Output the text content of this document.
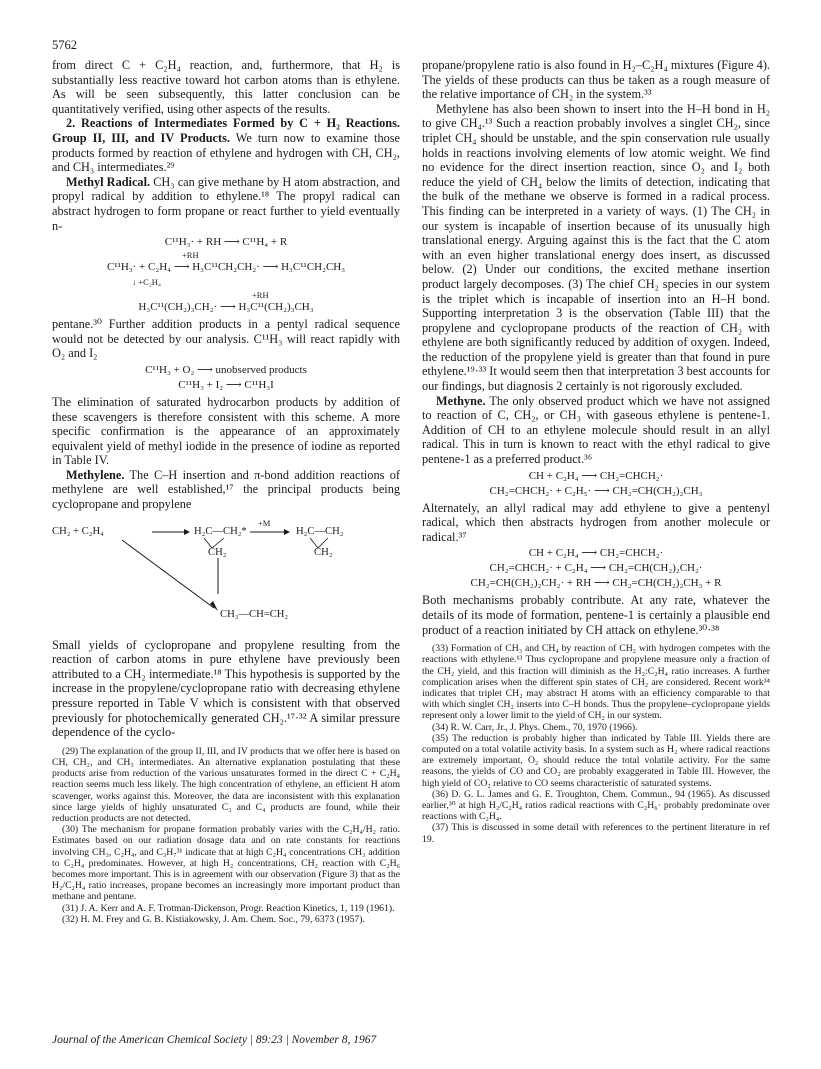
5762

from direct C + C₂H₄ reaction, and, furthermore, that H₂ is substantially less reactive toward hot carbon atoms than is ethylene. As will be seen subsequently, this latter conclusion can be quantitatively verified, using other aspects of the results.

2. Reactions of Intermediates Formed by C + H₂ Reactions. Group II, III, and IV Products. We turn now to examine those products formed by reaction of ethylene and hydrogen with CH, CH₂, and CH₃ intermediates.²⁹

Methyl Radical. CH₃ can give methane by H atom abstraction, and propyl radical by addition to ethylene.¹⁸ The propyl radical can abstract hydrogen to form propane or react further to yield eventually n-

C¹¹H₃· + RH ⟶ C¹¹H₄ + R
+RH
C¹¹H₃· + C₂H₄ ⟶ H₃C¹¹CH₂CH₂· ⟶ H₃C¹¹CH₂CH₃
↓ +C₂H₄
+RH
H₃C¹¹(CH₂)₃CH₂· ⟶ H₃C¹¹(CH₂)₃CH₃

pentane.³⁰ Further addition products in a pentyl radical sequence would not be detected by our analysis. C¹¹H₃ will react rapidly with O₂ and I₂

C¹¹H₃ + O₂ ⟶ unobserved products
C¹¹H₃ + I₂ ⟶ C¹¹H₃I

The elimination of saturated hydrocarbon products by addition of these scavengers is therefore consistent with this scheme. A more specific confirmation is the appearance of an approximately equivalent yield of methyl iodide in the presence of iodine as reported in Table IV.

Methylene. The C–H insertion and π-bond addition reactions of methylene are well established,¹⁷ the principal products being cyclopropane and propylene

CH₂ + C₂H₄
+M
H₂C—CH₂*
CH₂
H₂C—CH₂
CH₂
CH₃—CH=CH₂

Small yields of cyclopropane and propylene resulting from the reaction of carbon atoms in pure ethylene have previously been attributed to a CH₂ intermediate.¹⁸ This hypothesis is supported by the increase in the propylene/cyclopropane ratio with decreasing ethylene pressure reported in Table V which is consistent with that observed previously for photochemically generated CH₂.¹⁷·³² A similar pressure dependence of the cyclo-

(29) The explanation of the group II, III, and IV products that we offer here is based on CH, CH₂, and CH₃ intermediates. An alternative explanation postulating that these products arise from reduction of the various unsaturates formed in the direct C + C₂H₄ reaction seems much less likely. The high concentration of ethylene, an efficient H atom scavenger, works against this. Moreover, the data are inconsistent with this explanation since large yields of highly unsaturated C₃ and C₄ products are found, while their reduction products are not detected.

(30) The mechanism for propane formation probably varies with the C₂H₄/H₂ ratio. Estimates based on our radiation dosage data and on rate constants for reactions involving CH₃, C₂H₄, and C₃H₇³¹ indicate that at high C₂H₄ concentrations CH₃ addition to C₂H₄ predominates. However, at high H₂ concentrations, CH₂ reaction with C₂H₆ becomes more important. This is in agreement with our observation (Figure 3) that as the H₂/C₂H₄ ratio increases, propane becomes an increasingly more important product than methane and pentane.

(31) J. A. Kerr and A. F. Trotman-Dickenson, Progr. Reaction Kinetics, 1, 119 (1961).

(32) H. M. Frey and G. B. Kistiakowsky, J. Am. Chem. Soc., 79, 6373 (1957).

propane/propylene ratio is also found in H₂–C₂H₄ mixtures (Figure 4). The yields of these products can thus be taken as a rough measure of the relative importance of CH₂ in the system.³³

Methylene has also been shown to insert into the H–H bond in H₂ to give CH₄.¹³ Such a reaction probably involves a singlet CH₂, since triplet CH₄ should be unstable, and the spin conservation rule usually holds in reactions involving elements of low atomic weight. We find no evidence for the direct insertion reaction, since O₂ and I₂ both reduce the yield of CH₄ below the limits of detection, indicating that the bulk of the methane we observe is formed in a radical process. This finding can be interpreted in a variety of ways. (1) The CH₂ in our system is incapable of insertion because of its unusually high translational energy. Arguing against this is the fact that the C atom with an even higher translational energy does insert, as discussed below. (2) Under our conditions, the excited methane insertion product largely decomposes. (3) The chief CH₂ species in our system is the triplet which is incapable of insertion into an H–H bond. Supporting interpretation 3 is the observation (Table III) that the propylene and cyclopropane products of the reaction of CH₂ with ethylene are both significantly reduced by addition of oxygen. Indeed, the reduction of the propylene yield is greater than that found in pure ethylene.¹⁹·³³ It would seem then that interpretation 3 best accounts for our findings, but diagnosis 2 certainly is not rigorously excluded.

Methyne. The only observed product which we have not assigned to reaction of C, CH₂, or CH₃ with gaseous ethylene is pentene-1. Addition of CH to an ethylene molecule should result in an allyl radical. This in turn is known to react with the ethyl radical to give pentene-1 as a preferred product.³⁶

CH + C₂H₄ ⟶ CH₂=CHCH₂·
CH₂=CHCH₂· + C₂H₅· ⟶ CH₂=CH(CH₂)₂CH₃

Alternately, an allyl radical may add ethylene to give a pentenyl radical, which then abstracts hydrogen from another molecule or radical.³⁷

CH + C₂H₄ ⟶ CH₂=CHCH₂·
CH₂=CHCH₂· + C₂H₄ ⟶ CH₂=CH(CH₂)₂CH₂·
CH₂=CH(CH₂)₂CH₂· + RH ⟶ CH₂=CH(CH₂)₂CH₃ + R

Both mechanisms probably contribute. At any rate, whatever the details of its mode of formation, pentene-1 is certainly a plausible end product of a reaction initiated by CH attack on ethylene.³⁰·³⁸

(33) Formation of CH₃ and CH₄ by reaction of CH₂ with hydrogen competes with the reactions with ethylene.¹³ Thus cyclopropane and propylene measure only a fraction of the CH₂ yield, and this fraction will diminish as the H₂:C₂H₄ ratio increases. A further complication arises when the different spin states of CH₂ are considered. Recent work³⁴ indicates that triplet CH₂ may abstract H atoms with an efficiency comparable to that with which singlet CH₂ inserts into C–H bonds. Thus the propylene–cyclopropane yields represent only a lower limit to the yield of CH₂ in our system.

(34) R. W. Carr, Jr., J. Phys. Chem., 70, 1970 (1966).

(35) The reduction is probably higher than indicated by Table III. Yields there are computed on a total volatile activity basis. In a system such as H₂ where radical reactions are extremely important, O₂ should reduce the total volatile activity. For the same reasons, the yields of CO and CO₂ are probably exaggerated in Table III. However, the high yield of CO₂ relative to CO seems characteristic of saturated systems.

(36) D. G. L. James and G. E. Troughton, Chem. Commun., 94 (1965). As discussed earlier,³⁰ at high H₂/C₂H₄ ratios radical reactions with C₂H₆· probably predominate over reactions with C₂H₄.

(37) This is discussed in some detail with references to the pertinent literature in ref 19.

Journal of the American Chemical Society | 89:23 | November 8, 1967
